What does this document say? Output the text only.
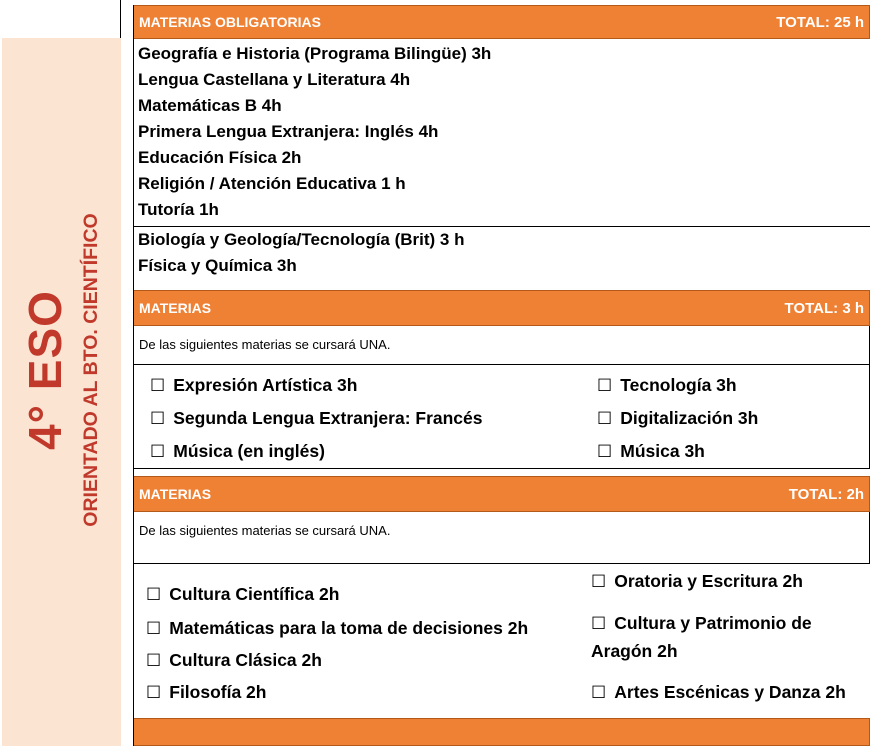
4° ESO ORIENTADO AL BTO. CIENTÍFICO
MATERIAS OBLIGATORIAS	TOTAL: 25 h
Geografía e Historia (Programa Bilingüe) 3h
Lengua Castellana y Literatura 4h
Matemáticas B 4h
Primera Lengua Extranjera: Inglés 4h
Educación Física 2h
Religión / Atención Educativa 1 h
Tutoría 1h
Biología y Geología/Tecnología (Brit) 3 h
Física y Química 3h
MATERIAS	TOTAL: 3 h
De las siguientes materias se cursará UNA.
☐ Expresión Artística 3h
☐ Segunda Lengua Extranjera: Francés
☐ Música (en inglés)
☐ Tecnología 3h
☐ Digitalización 3h
☐ Música 3h
MATERIAS	TOTAL: 2h
De las siguientes materias se cursará UNA.
☐ Cultura Científica 2h
☐ Matemáticas para la toma de decisiones 2h
☐ Cultura Clásica 2h
☐ Filosofía 2h
☐ Oratoria y Escritura 2h
☐ Cultura y Patrimonio de
Aragón 2h
☐ Artes Escénicas y Danza 2h
